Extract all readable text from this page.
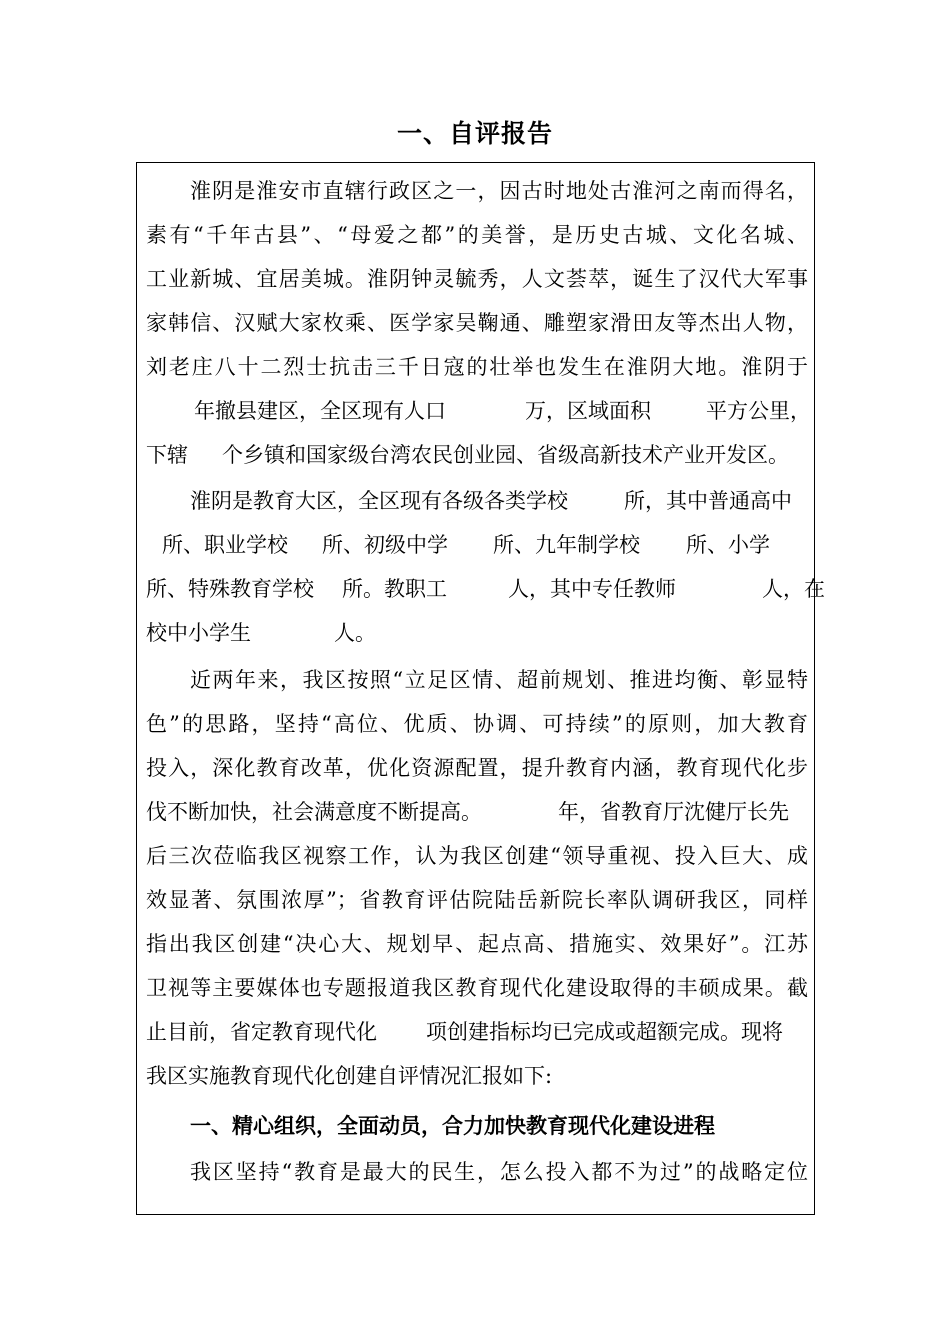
一、自评报告
淮阴是淮安市直辖行政区之一，因古时地处古淮河之南而得名，
素有“千年古县”、“母爱之都”的美誉，是历史古城、文化名城、
工业新城、宜居美城。淮阴钟灵毓秀，人文荟萃，诞生了汉代大军事
家韩信、汉赋大家枚乘、医学家吴鞠通、雕塑家滑田友等杰出人物，
刘老庄八十二烈士抗击三千日寇的壮举也发生在淮阴大地。淮阴于
年撤县建区，全区现有人口	万，区域面积	平方公里，
下辖 个乡镇和国家级台湾农民创业园、省级高新技术产业开发区。
淮阴是教育大区，全区现有各级各类学校	所，其中普通高中
所、职业学校 所、初级中学 所、九年制学校 所、小学
所、特殊教育学校 所。教职工	人，其中专任教师	人，在
校中小学生	人。
近两年来，我区按照“立足区情、超前规划、推进均衡、彰显特
色”的思路，坚持“高位、优质、协调、可持续”的原则，加大教育
投入，深化教育改革，优化资源配置，提升教育内涵，教育现代化步
伐不断加快，社会满意度不断提高。	年，省教育厅沈健厅长先
后三次莅临我区视察工作，认为我区创建“领导重视、投入巨大、成
效显著、氛围浓厚”；省教育评估院陆岳新院长率队调研我区，同样
指出我区创建“决心大、规划早、起点高、措施实、效果好”。江苏
卫视等主要媒体也专题报道我区教育现代化建设取得的丰硕成果。截
止目前，省定教育现代化 项创建指标均已完成或超额完成。现将
我区实施教育现代化创建自评情况汇报如下:
一、精心组织，全面动员，合力加快教育现代化建设进程
我区坚持“教育是最大的民生，怎么投入都不为过”的战略定位
